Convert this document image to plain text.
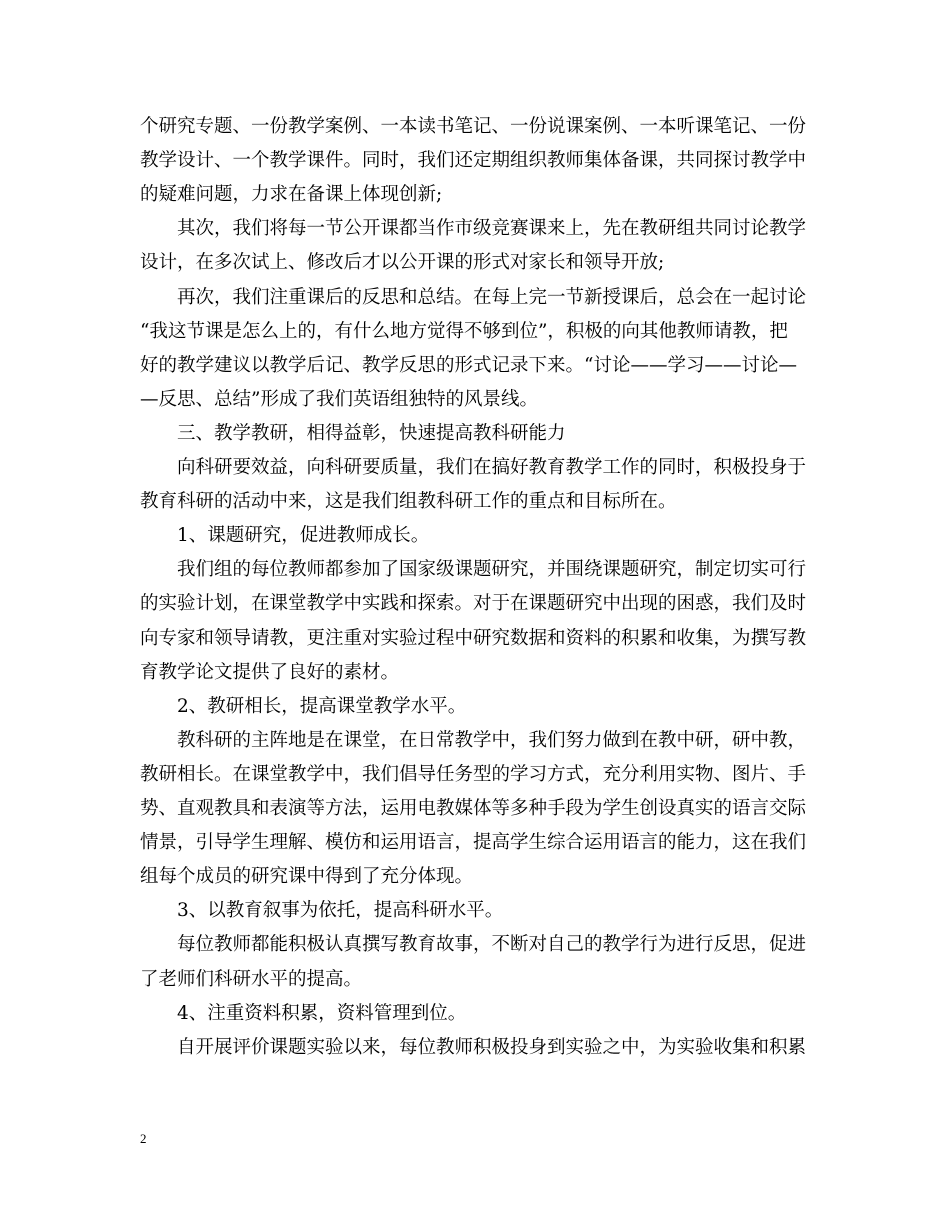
个研究专题、一份教学案例、一本读书笔记、一份说课案例、一本听课笔记、一份
教学设计、一个教学课件。同时，我们还定期组织教师集体备课，共同探讨教学中
的疑难问题，力求在备课上体现创新;
　　其次，我们将每一节公开课都当作市级竞赛课来上，先在教研组共同讨论教学
设计，在多次试上、修改后才以公开课的形式对家长和领导开放;
　　再次，我们注重课后的反思和总结。在每上完一节新授课后，总会在一起讨论
“我这节课是怎么上的，有什么地方觉得不够到位”，积极的向其他教师请教，把
好的教学建议以教学后记、教学反思的形式记录下来。“讨论——学习——讨论—
—反思、总结”形成了我们英语组独特的风景线。
　　三、教学教研，相得益彰，快速提高教科研能力
　　向科研要效益，向科研要质量，我们在搞好教育教学工作的同时，积极投身于
教育科研的活动中来，这是我们组教科研工作的重点和目标所在。
　　1、课题研究，促进教师成长。
　　我们组的每位教师都参加了国家级课题研究，并围绕课题研究，制定切实可行
的实验计划，在课堂教学中实践和探索。对于在课题研究中出现的困惑，我们及时
向专家和领导请教，更注重对实验过程中研究数据和资料的积累和收集，为撰写教
育教学论文提供了良好的素材。
　　2、教研相长，提高课堂教学水平。
　　教科研的主阵地是在课堂，在日常教学中，我们努力做到在教中研，研中教，
教研相长。在课堂教学中，我们倡导任务型的学习方式，充分利用实物、图片、手
势、直观教具和表演等方法，运用电教媒体等多种手段为学生创设真实的语言交际
情景，引导学生理解、模仿和运用语言，提高学生综合运用语言的能力，这在我们
组每个成员的研究课中得到了充分体现。
　　3、以教育叙事为依托，提高科研水平。
　　每位教师都能积极认真撰写教育故事，不断对自己的教学行为进行反思，促进
了老师们科研水平的提高。
　　4、注重资料积累，资料管理到位。
　　自开展评价课题实验以来，每位教师积极投身到实验之中，为实验收集和积累
2
